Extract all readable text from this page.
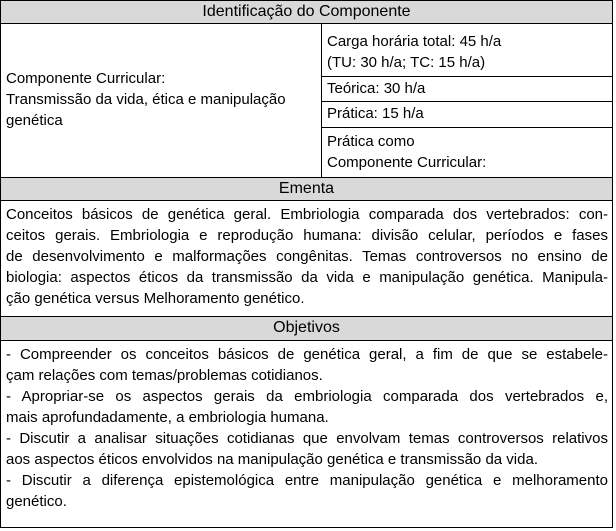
Identificação do Componente
Componente Curricular:
Transmissão da vida, ética e manipulação
genética
Carga horária total: 45 h/a
(TU: 30 h/a; TC: 15 h/a)
Teórica: 30 h/a
Prática: 15 h/a
Prática como
Componente Curricular:
Ementa
Conceitos básicos de genética geral. Embriologia comparada dos vertebrados: con-
ceitos gerais. Embriologia e reprodução humana: divisão celular, períodos e fases
de desenvolvimento e malformações congênitas. Temas controversos no ensino de
biologia: aspectos éticos da transmissão da vida e manipulação genética. Manipula-
ção genética versus Melhoramento genético.
Objetivos
- Compreender os conceitos básicos de genética geral, a fim de que se estabele-
çam relações com temas/problemas cotidianos.
- Apropriar-se os aspectos gerais da embriologia comparada dos vertebrados e,
mais aprofundadamente, a embriologia humana.
- Discutir a analisar situações cotidianas que envolvam temas controversos relativos
aos aspectos éticos envolvidos na manipulação genética e transmissão da vida.
- Discutir a diferença epistemológica entre manipulação genética e melhoramento
genético.
